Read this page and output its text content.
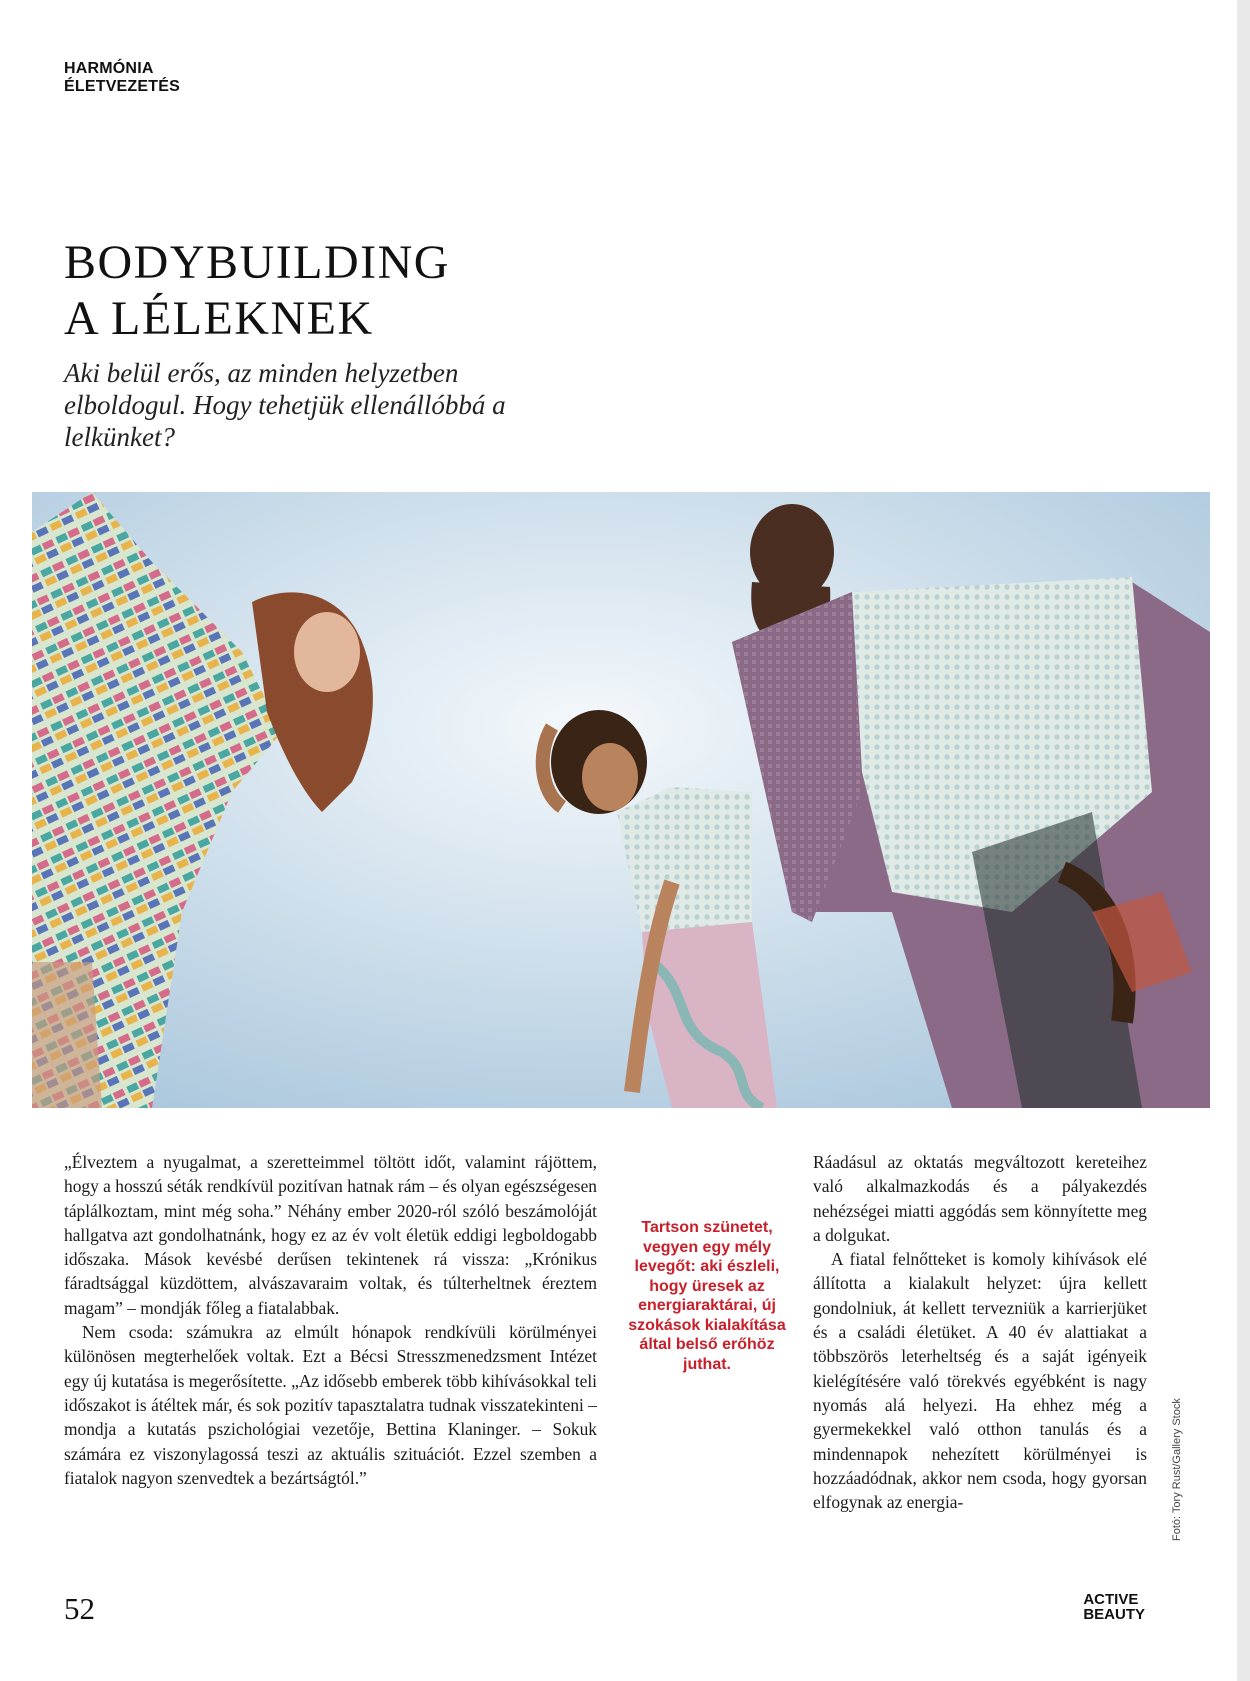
HARMÓNIA
ÉLETVEZETÉS
BODYBUILDING
A LÉLEKNEK
Aki belül erős, az minden helyzetben elboldogul. Hogy tehetjük ellenállóbbá a lelkünket?

„Élveztem a nyugalmat, a szeretteimmel töltött időt, valamint rájöttem, hogy a hosszú séták rendkívül pozitívan hatnak rám – és olyan egészségesen táplálkoztam, mint még soha.” Néhány ember 2020-ról szóló beszámolóját hallgatva azt gondolhatnánk, hogy ez az év volt életük eddigi legboldogabb időszaka. Mások kevésbé derűsen tekintenek rá vissza: „Krónikus fáradtsággal küzdöttem, alvászavaraim voltak, és túlterheltnek éreztem magam” – mondják főleg a fiatalabbak.

Nem csoda: számukra az elmúlt hónapok rendkívüli körülményei különösen megterhelőek voltak. Ezt a Bécsi Stresszmenedzsment Intézet egy új kutatása is megerősítette. „Az idősebb emberek több kihívásokkal teli időszakot is átéltek már, és sok pozitív tapasztalatra tudnak visszatekinteni – mondja a kutatás pszichológiai vezetője, Bettina Klaninger. – Sokuk számára ez viszonylagossá teszi az aktuális szituációt. Ezzel szemben a fiatalok nagyon szenvedtek a bezártságtól.”

Tartson szünetet, vegyen egy mély levegőt: aki észleli, hogy üresek az energiaraktárai, új szokások kialakítása által belső erőhöz juthat.

Ráadásul az oktatás megváltozott kereteihez való alkalmazkodás és a pályakezdés nehézségei miatti aggódás sem könnyítette meg a dolgukat.

A fiatal felnőtteket is komoly kihívások elé állította a kialakult helyzet: újra kellett gondolniuk, át kellett tervezniük a karrierjüket és a családi életüket. A 40 év alattiakat a többszörös leterheltség és a saját igényeik kielégítésére való törekvés egyébként is nagy nyomás alá helyezi. Ha ehhez még a gyermekekkel való otthon tanulás és a mindennapok nehezített körülményei is hozzáadódnak, akkor nem csoda, hogy gyorsan elfogynak az energia-	Fotó: Tory Rust/Gallery Stock
52	ACTIVE
BEAUTY
